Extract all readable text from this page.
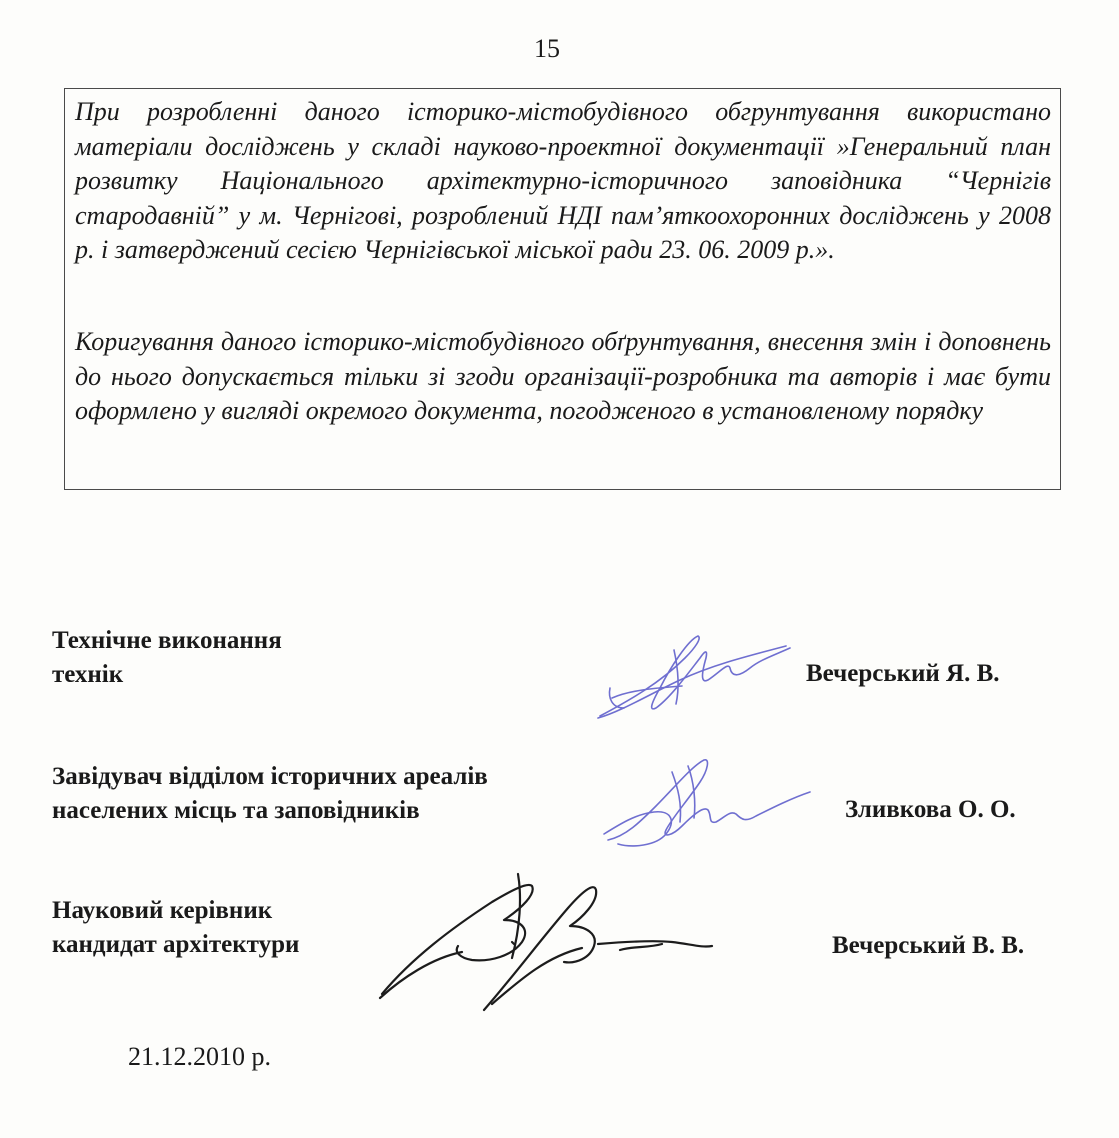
15

При розробленні даного історико-містобудівного обгрунтування використано матеріали досліджень у складі науково-проектної документації »Генеральний план розвитку Національного архітектурно-історичного заповідника “Чернігів стародавній” у м. Чернігові, розроблений НДІ пам’яткоохоронних досліджень у 2008 р. і затверджений сесією Чернігівської міської ради 23. 06. 2009 р.».

Коригування даного історико-містобудівного обґрунтування, внесення змін і доповнень до нього допускається тільки зі згоди організації-розробника та авторів і має бути оформлено у вигляді окремого документа, погодженого в установленому порядку

Технічне виконання
технік	Вечерський Я. В.
Завідувач відділом історичних ареалів
населених місць та заповідників	Зливкова О. О.
Науковий керівник
кандидат архітектури	Вечерський В. В.
21.12.2010 р.
